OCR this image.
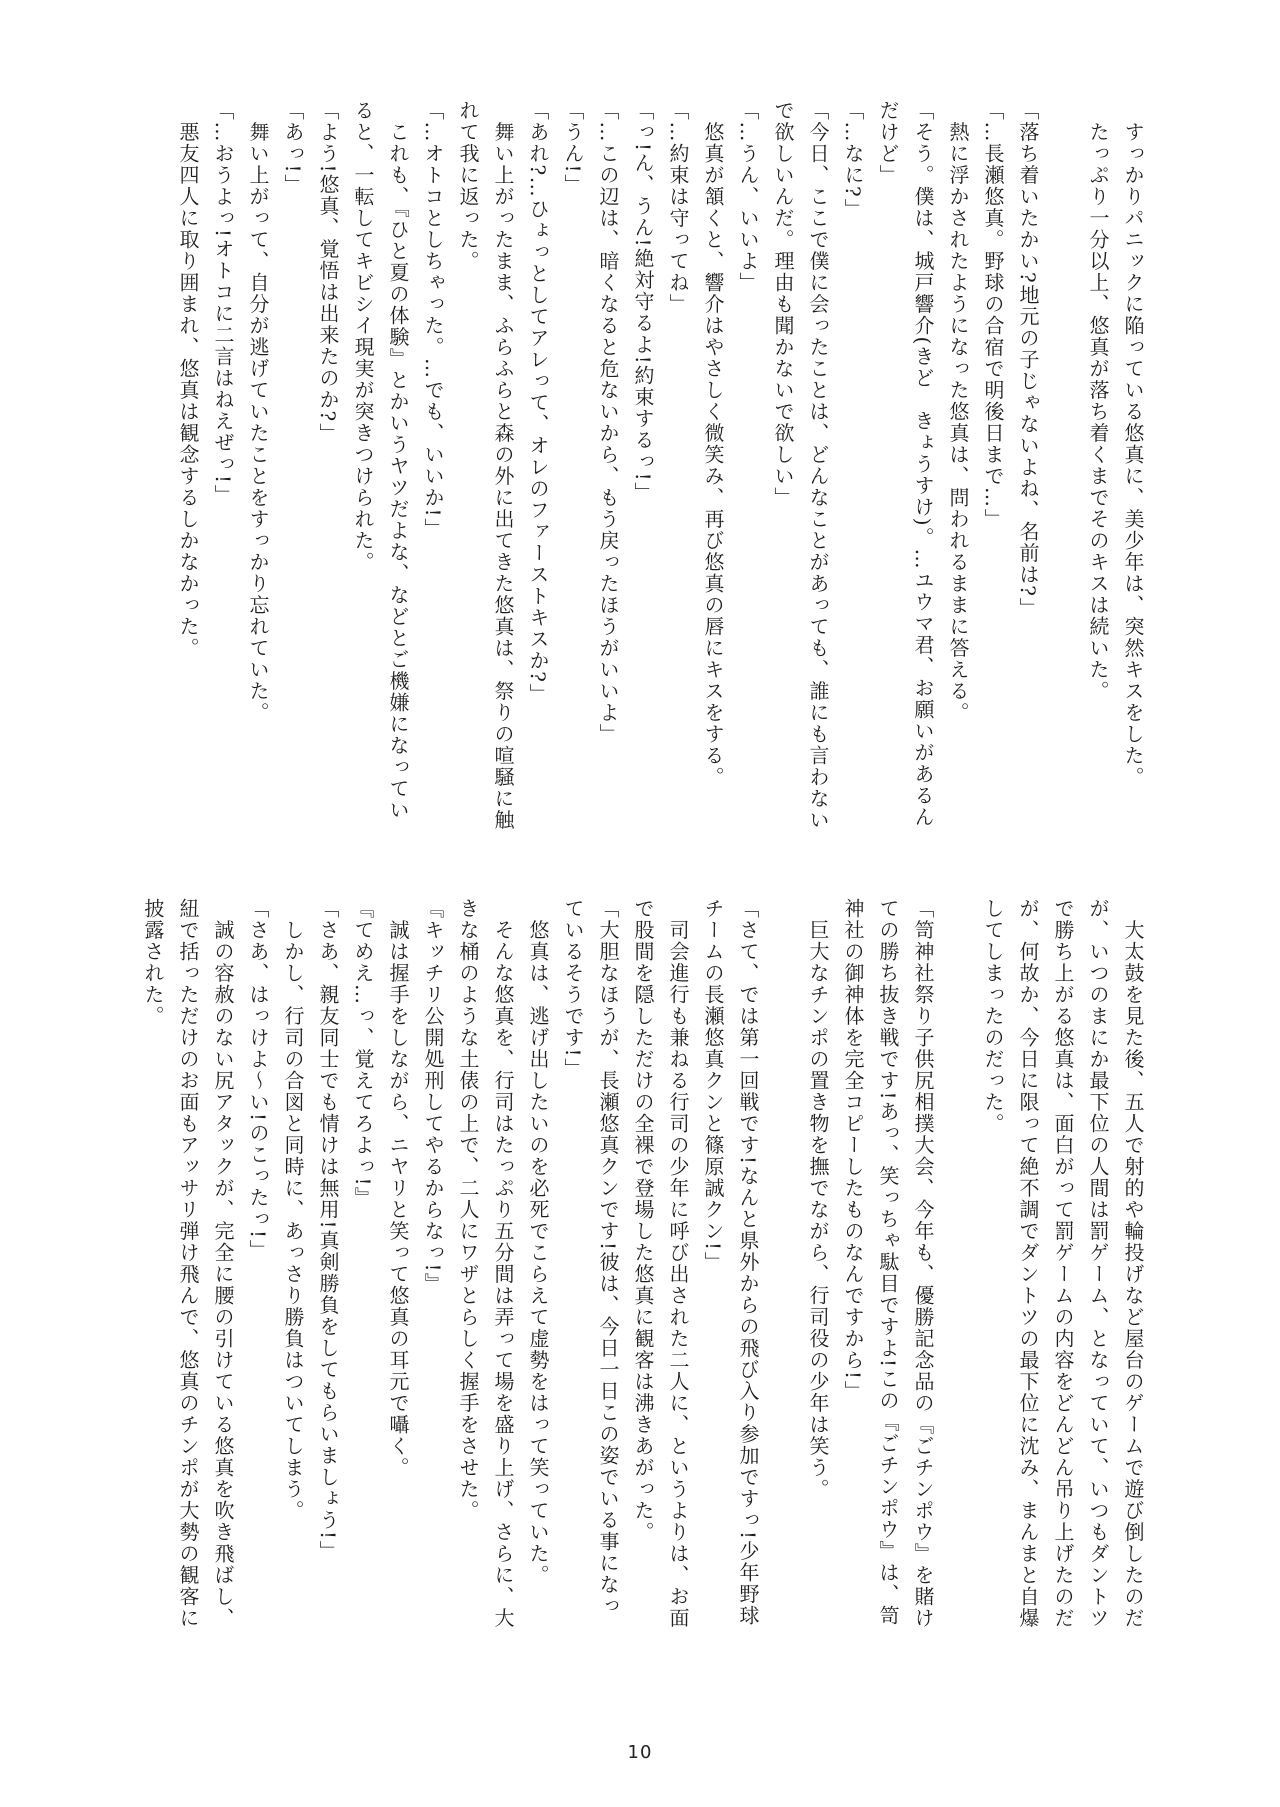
　すっかりパニックに陥っている悠真に、美少年は、突然キスをした。

　たっぷり一分以上、悠真が落ち着くまでそのキスは続いた。

「落ち着いたかい?地元の子じゃないよね、名前は?」

「…長瀬悠真。野球の合宿で明後日まで…」

　熱に浮かされたようになった悠真は、問われるままに答える。

「そう。僕は、城戸響介(きど　きょうすけ)。…ユウマ君、お願いがあるんだけど」

「…なに?」

「今日、ここで僕に会ったことは、どんなことがあっても、誰にも言わないで欲しいんだ。理由も聞かないで欲しい」

「…うん、いいよ」

　悠真が頷くと、響介はやさしく微笑み、再び悠真の唇にキスをする。

「…約束は守ってね」

「っ!ん、うん!絶対守るよ!約束するっ!」

「…この辺は、暗くなると危ないから、もう戻ったほうがいいよ」

「うん!」

「あれ?…ひょっとしてアレって、オレのファーストキスか?」

　舞い上がったまま、ふらふらと森の外に出てきた悠真は、祭りの喧騒に触れて我に返った。

「…オトコとしちゃった。…でも、いいか!」

　これも、『ひと夏の体験』とかいうヤツだよな、などとご機嫌になっていると、一転してキビシイ現実が突きつけられた。

「よう!悠真、覚悟は出来たのか?」

「あっ!」

　舞い上がって、自分が逃げていたことをすっかり忘れていた。

「…おうよっ!オトコに二言はねえぜっ!」

　悪友四人に取り囲まれ、悠真は観念するしかなかった。

　大太鼓を見た後、五人で射的や輪投げなど屋台のゲームで遊び倒したのだが、いつのまにか最下位の人間は罰ゲーム、となっていて、いつもダントツで勝ち上がる悠真は、面白がって罰ゲームの内容をどんどん吊り上げたのだが、何故か、今日に限って絶不調でダントツの最下位に沈み、まんまと自爆してしまったのだった。

「笥神社祭り子供尻相撲大会、今年も、優勝記念品の『ごチンポウ』を賭けての勝ち抜き戦です!あっ、笑っちゃ駄目ですよ!この『ごチンポウ』は、笥神社の御神体を完全コピーしたものなんですから!」

　巨大なチンポの置き物を撫でながら、行司役の少年は笑う。

「さて、では第一回戦です!なんと県外からの飛び入り参加ですっ!少年野球チームの長瀬悠真クンと篠原誠クン!」

　司会進行も兼ねる行司の少年に呼び出された二人に、というよりは、お面で股間を隠しただけの全裸で登場した悠真に観客は沸きあがった。

「大胆なほうが、長瀬悠真クンです!彼は、今日一日この姿でいる事になっているそうです!」

　悠真は、逃げ出したいのを必死でこらえて虚勢をはって笑っていた。

　そんな悠真を、行司はたっぷり五分間は弄って場を盛り上げ、さらに、大きな桶のような土俵の上で、二人にワザとらしく握手をさせた。

『キッチリ公開処刑してやるからなっ!』

　誠は握手をしながら、ニヤリと笑って悠真の耳元で囁く。

『てめえ…っ、覚えてろよっ!』

「さあ、親友同士でも情けは無用!真剣勝負をしてもらいましょう!」

　しかし、行司の合図と同時に、あっさり勝負はついてしまう。

「さあ、はっけよ〜い!のこったっ!」

　誠の容赦のない尻アタックが、完全に腰の引けている悠真を吹き飛ばし、紐で括っただけのお面もアッサリ弾け飛んで、悠真のチンポが大勢の観客に披露された。

10
